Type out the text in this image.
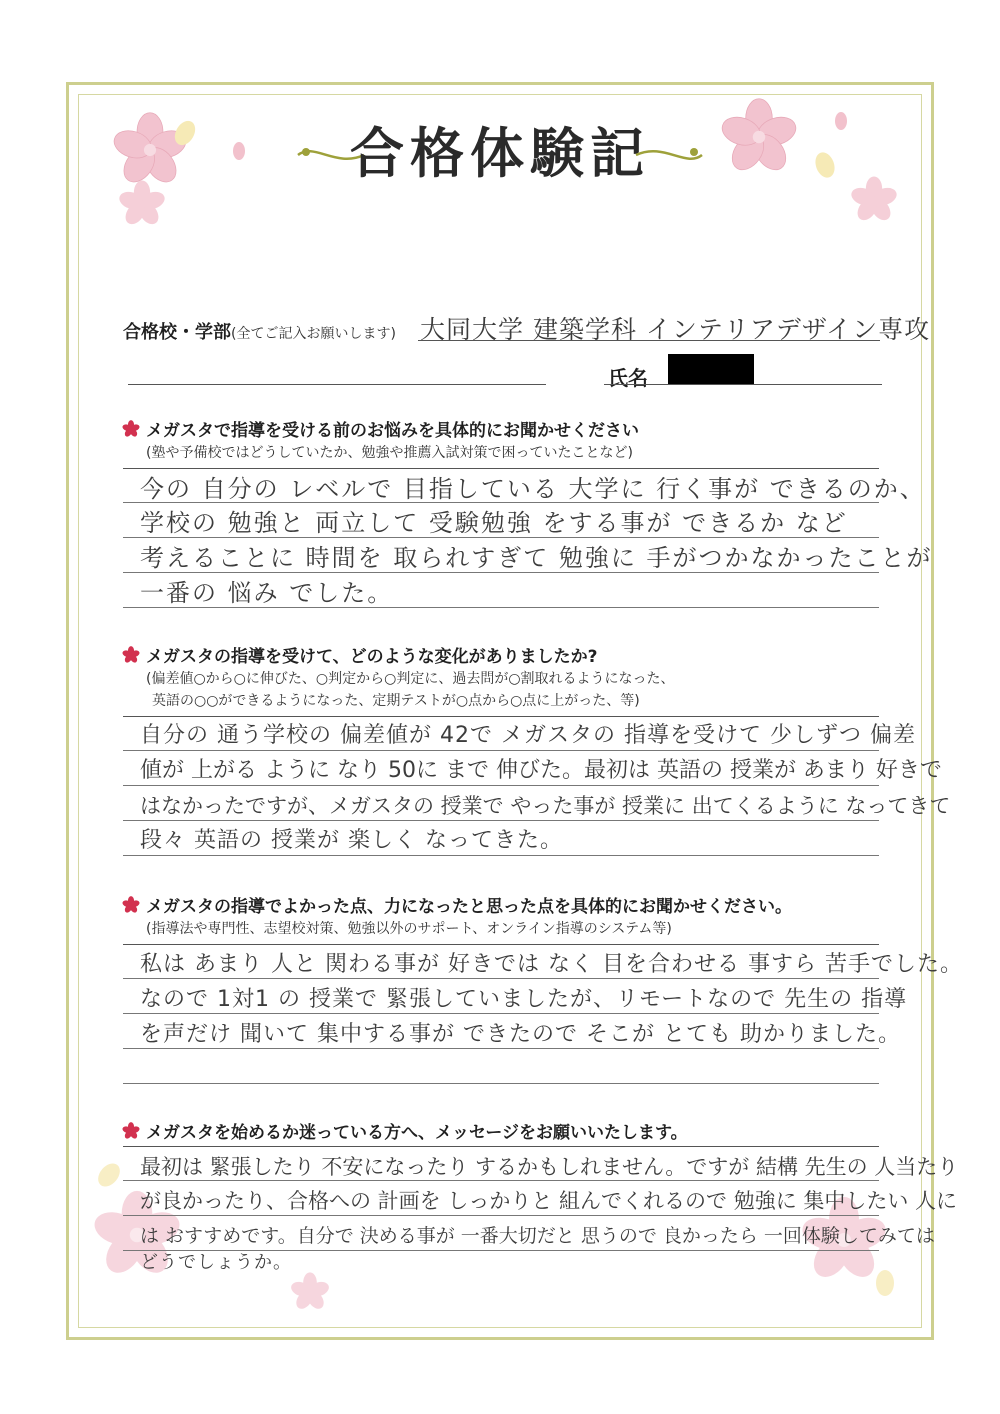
合格体験記
合格校・学部(全てご記入お願いします) 大同大学 建築学科 インテリアデザイン専攻
氏名
メガスタで指導を受ける前のお悩みを具体的にお聞かせください
(塾や予備校ではどうしていたか、勉強や推薦入試対策で困っていたことなど)
今の 自分の レベルで 目指している 大学に 行く事が できるのか、
学校の 勉強と 両立して 受験勉強 をする事が できるか など
考えることに 時間を 取られすぎて 勉強に 手がつかなかったことが
一番の 悩み でした。
メガスタの指導を受けて、どのような変化がありましたか?
(偏差値○から○に伸びた、○判定から○判定に、過去問が○割取れるようになった、
英語の○○ができるようになった、定期テストが○点から○点に上がった、等)
自分の 通う学校の 偏差値が 42で メガスタの 指導を受けて 少しずつ 偏差
値が 上がる ように なり 50に まで 伸びた。最初は 英語の 授業が あまり 好きで
はなかったですが、メガスタの 授業で やった事が 授業に 出てくるように なってきて
段々 英語の 授業が 楽しく なってきた。
メガスタの指導でよかった点、力になったと思った点を具体的にお聞かせください。
(指導法や専門性、志望校対策、勉強以外のサポート、オンライン指導のシステム等)
私は あまり 人と 関わる事が 好きでは なく 目を合わせる 事すら 苦手でした。
なので 1対1 の 授業で 緊張していましたが、リモートなので 先生の 指導
を声だけ 聞いて 集中する事が できたので そこが とても 助かりました。
メガスタを始めるか迷っている方へ、メッセージをお願いいたします。
最初は 緊張したり 不安になったり するかもしれません。ですが 結構 先生の 人当たり
が良かったり、合格への 計画を しっかりと 組んでくれるので 勉強に 集中したい 人に
は おすすめです。自分で 決める事が 一番大切だと 思うので 良かったら 一回体験してみては
どうでしょうか。
